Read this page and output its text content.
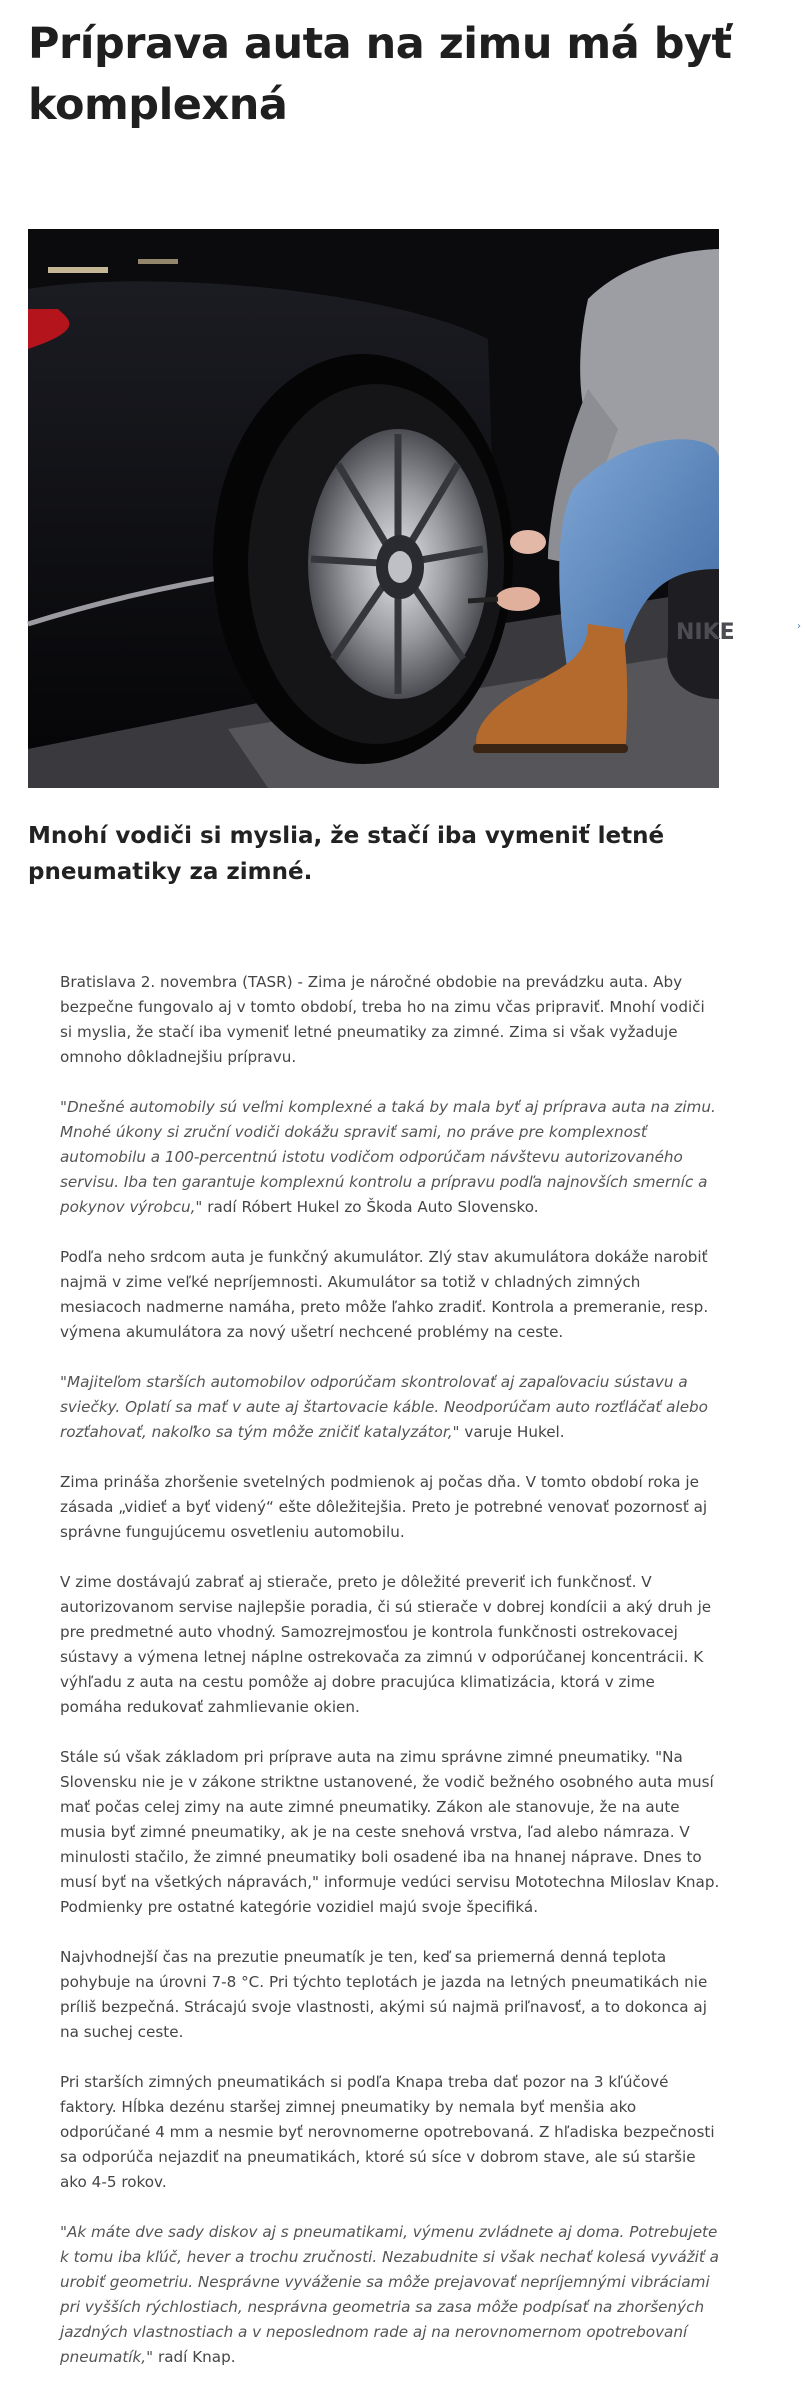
Príprava auta na zimu má byť komplexná
NIKE	›
Mnohí vodiči si myslia, že stačí iba vymeniť letné pneumatiky za zimné.

Bratislava 2. novembra (TASR) - Zima je náročné obdobie na prevádzku auta. Aby bezpečne fungovalo aj v tomto období, treba ho na zimu včas pripraviť. Mnohí vodiči si myslia, že stačí iba vymeniť letné pneumatiky za zimné. Zima si však vyžaduje omnoho dôkladnejšiu prípravu.

"Dnešné automobily sú veľmi komplexné a taká by mala byť aj príprava auta na zimu. Mnohé úkony si zruční vodiči dokážu spraviť sami, no práve pre komplexnosť automobilu a 100-percentnú istotu vodičom odporúčam návštevu autorizovaného servisu. Iba ten garantuje komplexnú kontrolu a prípravu podľa najnovších smerníc a pokynov výrobcu," radí Róbert Hukel zo Škoda Auto Slovensko.

Podľa neho srdcom auta je funkčný akumulátor. Zlý stav akumulátora dokáže narobiť najmä v zime veľké nepríjemnosti. Akumulátor sa totiž v chladných zimných mesiacoch nadmerne namáha, preto môže ľahko zradiť. Kontrola a premeranie, resp. výmena akumulátora za nový ušetrí nechcené problémy na ceste.

"Majiteľom starších automobilov odporúčam skontrolovať aj zapaľovaciu sústavu a sviečky. Oplatí sa mať v aute aj štartovacie káble. Neodporúčam auto rozťláčať alebo rozťahovať, nakoľko sa tým môže zničiť katalyzátor," varuje Hukel.

Zima prináša zhoršenie svetelných podmienok aj počas dňa. V tomto období roka je zásada „vidieť a byť videný“ ešte dôležitejšia. Preto je potrebné venovať pozornosť aj správne fungujúcemu osvetleniu automobilu.

V zime dostávajú zabrať aj stierače, preto je dôležité preveriť ich funkčnosť. V autorizovanom servise najlepšie poradia, či sú stierače v dobrej kondícii a aký druh je pre predmetné auto vhodný. Samozrejmosťou je kontrola funkčnosti ostrekovacej sústavy a výmena letnej náplne ostrekovača za zimnú v odporúčanej koncentrácii. K výhľadu z auta na cestu pomôže aj dobre pracujúca klimatizácia, ktorá v zime pomáha redukovať zahmlievanie okien.

Stále sú však základom pri príprave auta na zimu správne zimné pneumatiky. "Na Slovensku nie je v zákone striktne ustanovené, že vodič bežného osobného auta musí mať počas celej zimy na aute zimné pneumatiky. Zákon ale stanovuje, že na aute musia byť zimné pneumatiky, ak je na ceste snehová vrstva, ľad alebo námraza. V minulosti stačilo, že zimné pneumatiky boli osadené iba na hnanej náprave. Dnes to musí byť na všetkých nápravách," informuje vedúci servisu Mototechna Miloslav Knap. Podmienky pre ostatné kategórie vozidiel majú svoje špecifiká.

Najvhodnejší čas na prezutie pneumatík je ten, keď sa priemerná denná teplota pohybuje na úrovni 7-8 °C. Pri týchto teplotách je jazda na letných pneumatikách nie príliš bezpečná. Strácajú svoje vlastnosti, akými sú najmä priľnavosť, a to dokonca aj na suchej ceste.

Pri starších zimných pneumatikách si podľa Knapa treba dať pozor na 3 kľúčové faktory. Hĺbka dezénu staršej zimnej pneumatiky by nemala byť menšia ako odporúčané 4 mm a nesmie byť nerovnomerne opotrebovaná. Z hľadiska bezpečnosti sa odporúča nejazdiť na pneumatikách, ktoré sú síce v dobrom stave, ale sú staršie ako 4-5 rokov.

"Ak máte dve sady diskov aj s pneumatikami, výmenu zvládnete aj doma. Potrebujete k tomu iba kľúč, hever a trochu zručnosti. Nezabudnite si však nechať kolesá vyvážiť a urobiť geometriu. Nesprávne vyváženie sa môže prejavovať nepríjemnými vibráciami pri vyšších rýchlostiach, nesprávna geometria sa zasa môže podpísať na zhoršených jazdných vlastnostiach a v neposlednom rade aj na nerovnomernom opotrebovaní pneumatík," radí Knap.
